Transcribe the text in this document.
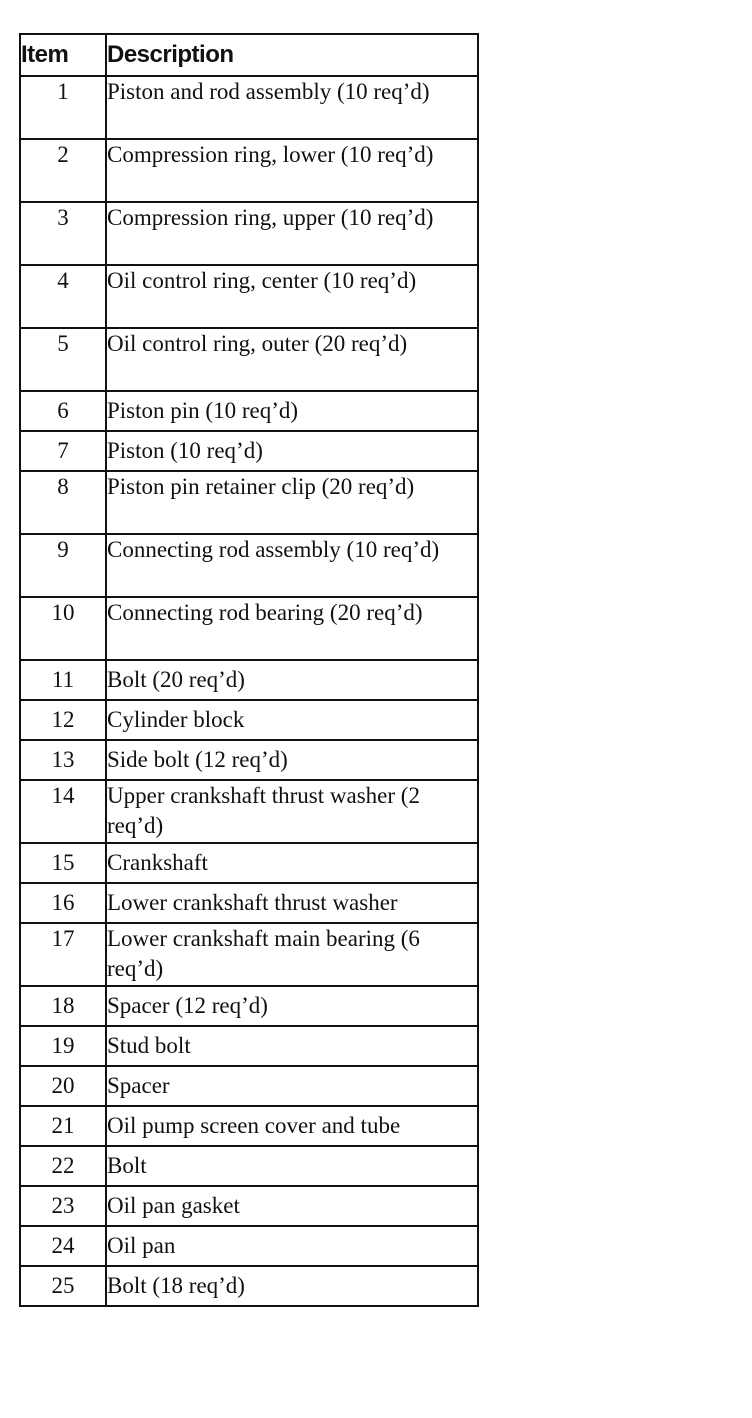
Item	Description
1	Piston and rod assembly (10 req’d)
2	Compression ring, lower (10 req’d)
3	Compression ring, upper (10 req’d)
4	Oil control ring, center (10 req’d)
5	Oil control ring, outer (20 req’d)
6	Piston pin (10 req’d)
7	Piston (10 req’d)
8	Piston pin retainer clip (20 req’d)
9	Connecting rod assembly (10 req’d)
10	Connecting rod bearing (20 req’d)
11	Bolt (20 req’d)
12	Cylinder block
13	Side bolt (12 req’d)
14	Upper crankshaft thrust washer (2 req’d)
15	Crankshaft
16	Lower crankshaft thrust washer
17	Lower crankshaft main bearing (6 req’d)
18	Spacer (12 req’d)
19	Stud bolt
20	Spacer
21	Oil pump screen cover and tube
22	Bolt
23	Oil pan gasket
24	Oil pan
25	Bolt (18 req’d)
